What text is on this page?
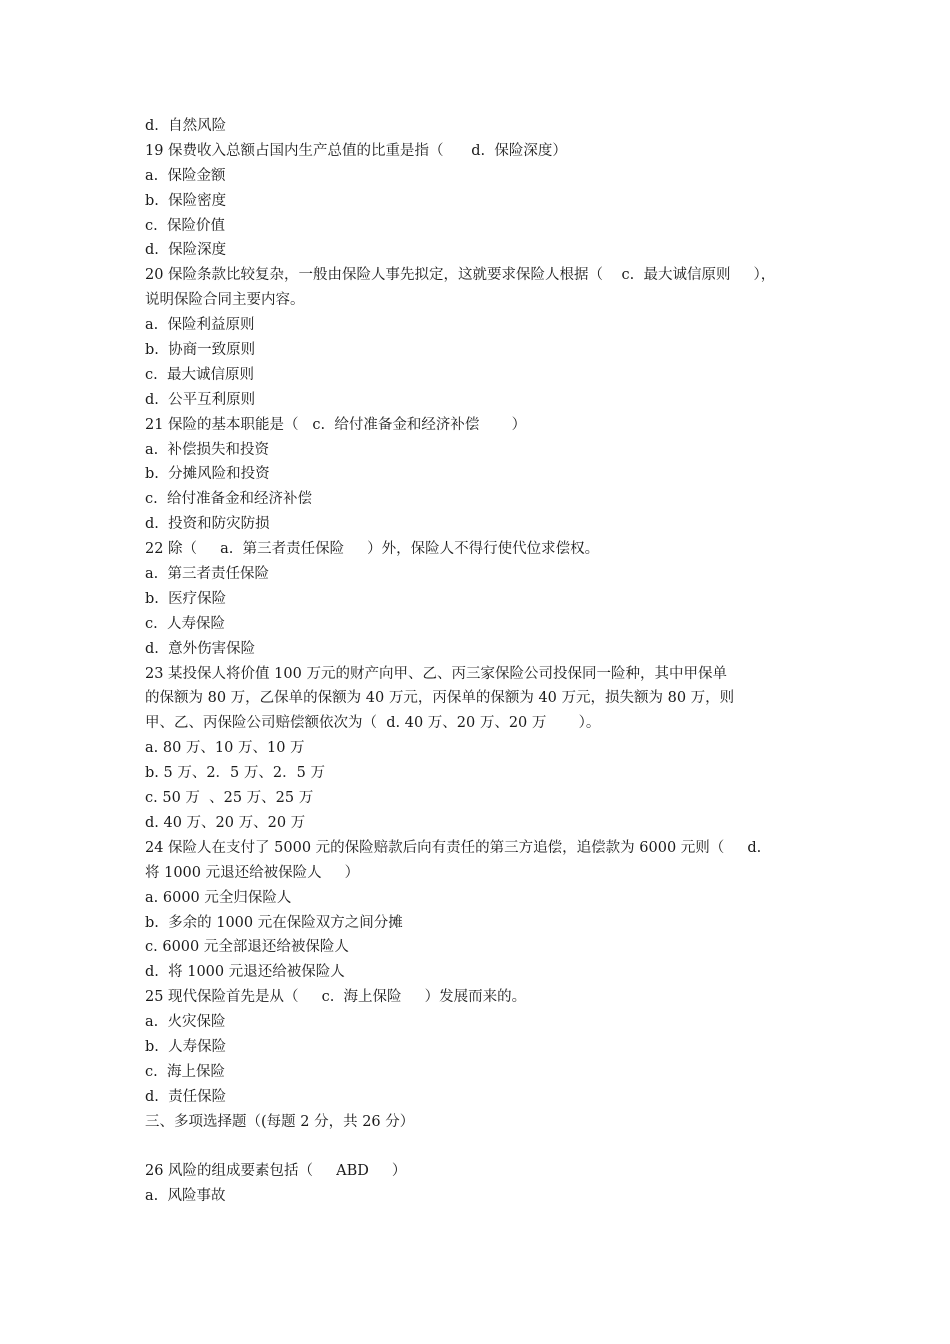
d.  自然风险
19 保费收入总额占国内生产总值的比重是指（      d.  保险深度）
a.  保险金额
b.  保险密度
c.  保险价值
d.  保险深度
20 保险条款比较复杂，一般由保险人事先拟定，这就要求保险人根据（    c.  最大诚信原则     ），
说明保险合同主要内容。
a.  保险利益原则
b.  协商一致原则
c.  最大诚信原则
d.  公平互利原则
21 保险的基本职能是（   c.  给付准备金和经济补偿       ）
a.  补偿损失和投资
b.  分摊风险和投资
c.  给付准备金和经济补偿
d.  投资和防灾防损
22 除（     a.  第三者责任保险     ）外，保险人不得行使代位求偿权。
a.  第三者责任保险
b.  医疗保险
c.  人寿保险
d.  意外伤害保险
23 某投保人将价值 100 万元的财产向甲、乙、丙三家保险公司投保同一险种，其中甲保单
的保额为 80 万，乙保单的保额为 40 万元，丙保单的保额为 40 万元，损失额为 80 万，则
甲、乙、丙保险公司赔偿额依次为（  d. 40 万、20 万、20 万       ）。
a. 80 万、10 万、10 万
b. 5 万、2．5 万、2．5 万
c. 50 万  、25 万、25 万
d. 40 万、20 万、20 万
24 保险人在支付了 5000 元的保险赔款后向有责任的第三方追偿，追偿款为 6000 元则（     d.
将 1000 元退还给被保险人     ）
a. 6000 元全归保险人
b.  多余的 1000 元在保险双方之间分摊
c. 6000 元全部退还给被保险人
d.  将 1000 元退还给被保险人
25 现代保险首先是从（     c.  海上保险     ）发展而来的。
a.  火灾保险
b.  人寿保险
c.  海上保险
d.  责任保险
三、多项选择题（(每题 2 分，共 26 分）
26 风险的组成要素包括（     ABD     ）
a.  风险事故
